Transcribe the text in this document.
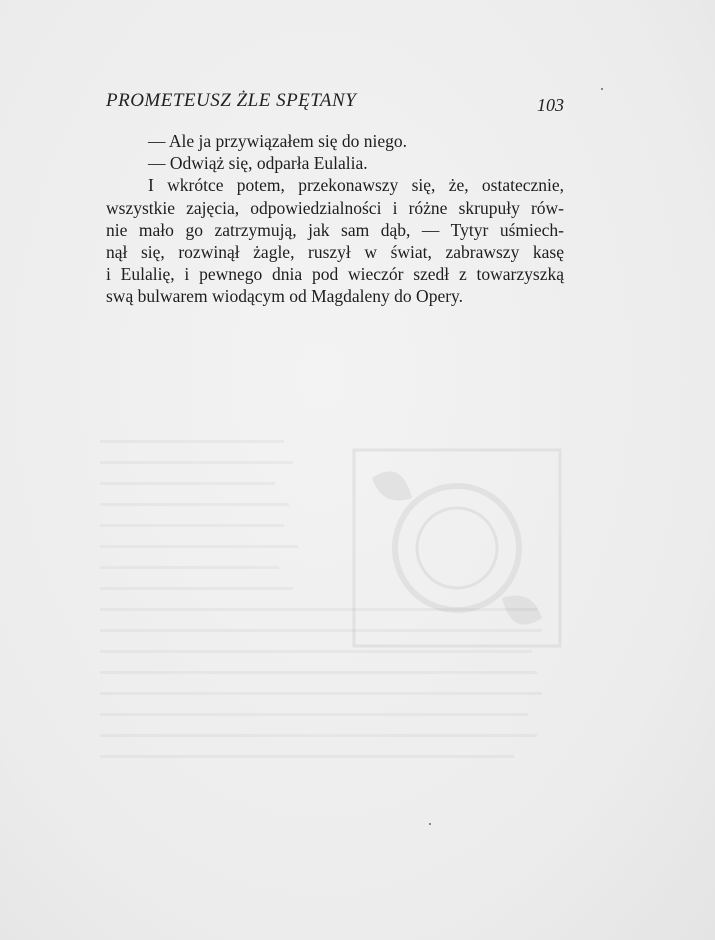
PROMETEUSZ ŻLE SPĘTANY	103
— Ale ja przywiązałem się do niego.
— Odwiąż się, odparła Eulalia.
I wkrótce potem, przekonawszy się, że, ostatecznie,
wszystkie zajęcia, odpowiedzialności i różne skrupuły rów-
nie mało go zatrzymują, jak sam dąb, — Tytyr uśmiech-
nął się, rozwinął żagle, ruszył w świat, zabrawszy kasę
i Eulalię, i pewnego dnia pod wieczór szedł z towarzyszką
swą bulwarem wiodącym od Magdaleny do Opery.
